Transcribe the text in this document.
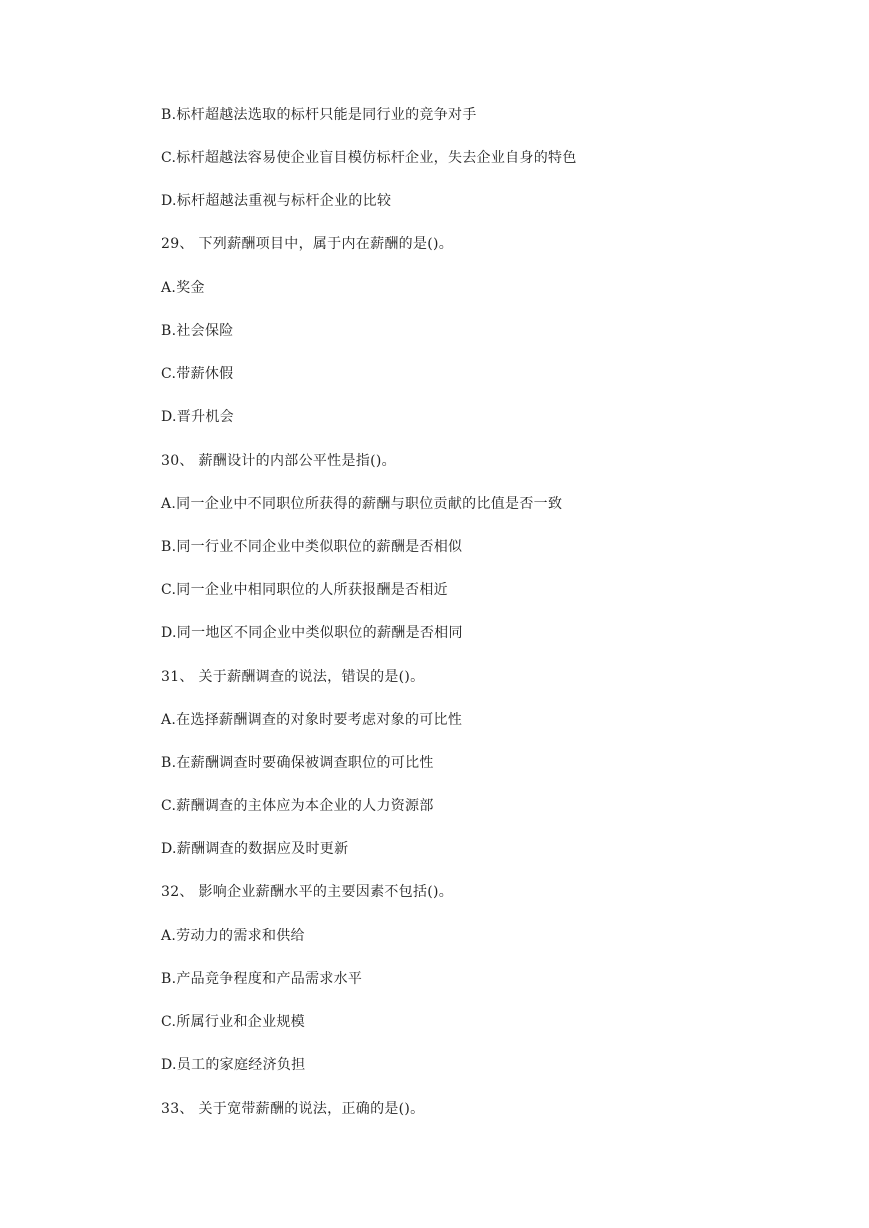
B.标杆超越法选取的标杆只能是同行业的竞争对手
C.标杆超越法容易使企业盲目模仿标杆企业，失去企业自身的特色
D.标杆超越法重视与标杆企业的比较
29、 下列薪酬项目中，属于内在薪酬的是()。
A.奖金
B.社会保险
C.带薪休假
D.晋升机会
30、 薪酬设计的内部公平性是指()。
A.同一企业中不同职位所获得的薪酬与职位贡献的比值是否一致
B.同一行业不同企业中类似职位的薪酬是否相似
C.同一企业中相同职位的人所获报酬是否相近
D.同一地区不同企业中类似职位的薪酬是否相同
31、 关于薪酬调查的说法，错误的是()。
A.在选择薪酬调查的对象时要考虑对象的可比性
B.在薪酬调查时要确保被调查职位的可比性
C.薪酬调查的主体应为本企业的人力资源部
D.薪酬调查的数据应及时更新
32、 影响企业薪酬水平的主要因素不包括()。
A.劳动力的需求和供给
B.产品竞争程度和产品需求水平
C.所属行业和企业规模
D.员工的家庭经济负担
33、 关于宽带薪酬的说法，正确的是()。
